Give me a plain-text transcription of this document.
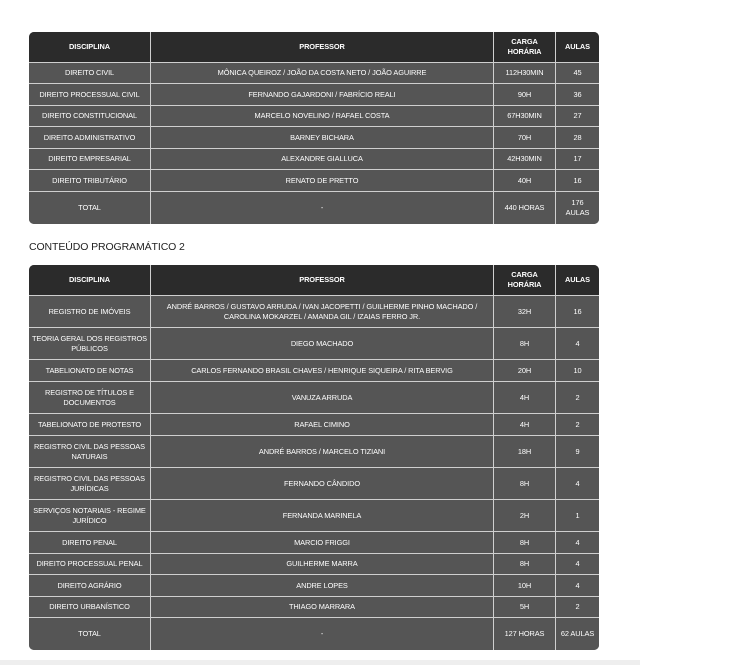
DISCIPLINA	PROFESSOR	CARGA HORÁRIA	AULAS
DIREITO CIVIL	MÔNICA QUEIROZ / JOÃO DA COSTA NETO / JOÃO AGUIRRE	112H30MIN	45
DIREITO PROCESSUAL CIVIL	FERNANDO GAJARDONI / FABRÍCIO REALI	90H	36
DIREITO CONSTITUCIONAL	MARCELO NOVELINO / RAFAEL COSTA	67H30MIN	27
DIREITO ADMINISTRATIVO	BARNEY BICHARA	70H	28
DIREITO EMPRESARIAL	ALEXANDRE GIALLUCA	42H30MIN	17
DIREITO TRIBUTÁRIO	RENATO DE PRETTO	40H	16
TOTAL	-	440 HORAS	176 AULAS
CONTEÚDO PROGRAMÁTICO 2
DISCIPLINA	PROFESSOR	CARGA HORÁRIA	AULAS
REGISTRO DE IMÓVEIS	ANDRÉ BARROS / GUSTAVO ARRUDA / IVAN JACOPETTI / GUILHERME PINHO MACHADO / CAROLINA MOKARZEL / AMANDA GIL / IZAIAS FERRO JR.	32H	16
TEORIA GERAL DOS REGISTROS PÚBLICOS	DIEGO MACHADO	8H	4
TABELIONATO DE NOTAS	CARLOS FERNANDO BRASIL CHAVES / HENRIQUE SIQUEIRA / RITA BERVIG	20H	10
REGISTRO DE TÍTULOS E DOCUMENTOS	VANUZA ARRUDA	4H	2
TABELIONATO DE PROTESTO	RAFAEL CIMINO	4H	2
REGISTRO CIVIL DAS PESSOAS NATURAIS	ANDRÉ BARROS / MARCELO TIZIANI	18H	9
REGISTRO CIVIL DAS PESSOAS JURÍDICAS	FERNANDO CÂNDIDO	8H	4
SERVIÇOS NOTARIAIS - REGIME JURÍDICO	FERNANDA MARINELA	2H	1
DIREITO PENAL	MARCIO FRIGGI	8H	4
DIREITO PROCESSUAL PENAL	GUILHERME MARRA	8H	4
DIREITO AGRÁRIO	ANDRE LOPES	10H	4
DIREITO URBANÍSTICO	THIAGO MARRARA	5H	2
TOTAL	-	127 HORAS	62 AULAS
